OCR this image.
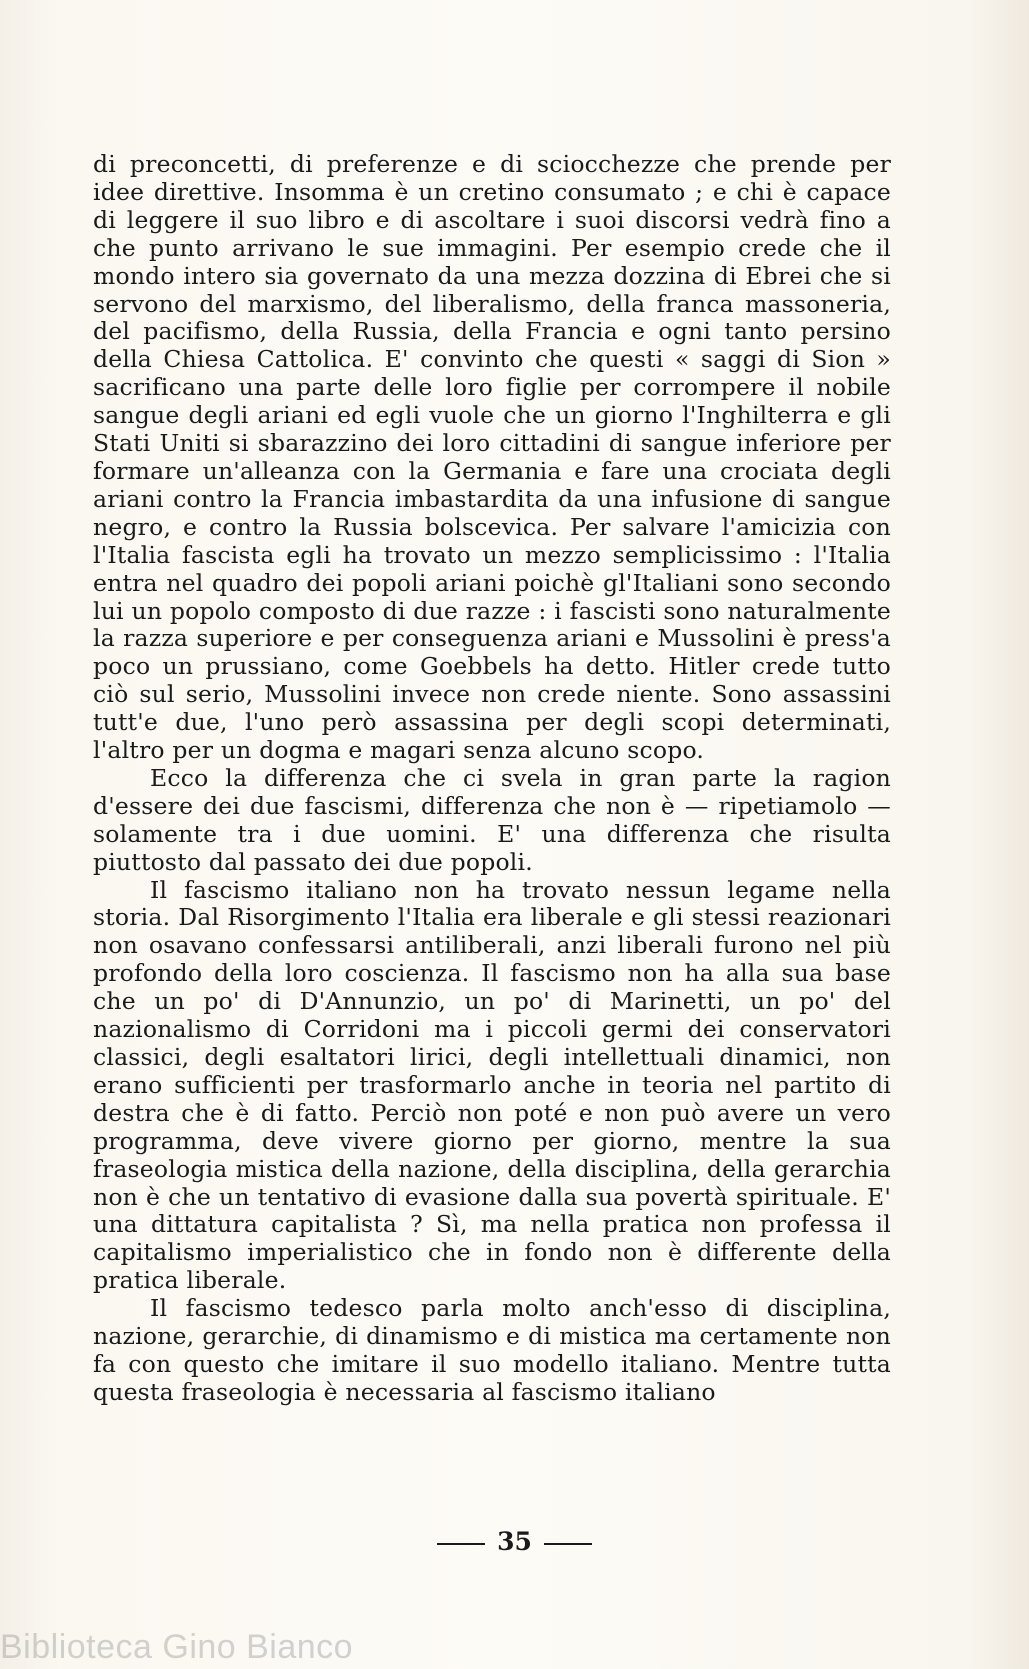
di preconcetti, di preferenze e di sciocchezze che prende per idee direttive. Insomma è un cretino consumato ; e chi è capace di leggere il suo libro e di ascoltare i suoi discorsi vedrà fino a che punto arrivano le sue immagini. Per esempio crede che il mondo intero sia governato da una mezza dozzina di Ebrei che si servono del marxismo, del liberalismo, della franca massoneria, del pacifismo, della Russia, della Francia e ogni tanto persino della Chiesa Cattolica. E' convinto che questi « saggi di Sion » sacrificano una parte delle loro figlie per corrompere il nobile sangue degli ariani ed egli vuole che un giorno l'Inghilterra e gli Stati Uniti si sbarazzino dei loro cittadini di sangue inferiore per formare un'alleanza con la Germania e fare una crociata degli ariani contro la Francia imbastardita da una infusione di sangue negro, e contro la Russia bolscevica. Per salvare l'amicizia con l'Italia fascista egli ha trovato un mezzo semplicissimo : l'Italia entra nel quadro dei popoli ariani poichè gl'Italiani sono secondo lui un popolo composto di due razze : i fascisti sono naturalmente la razza superiore e per conseguenza ariani e Mussolini è press'a poco un prussiano, come Goebbels ha detto. Hitler crede tutto ciò sul serio, Mussolini invece non crede niente. Sono assassini tutt'e due, l'uno però assassina per degli scopi determinati, l'altro per un dogma e magari senza alcuno scopo.

Ecco la differenza che ci svela in gran parte la ragion d'essere dei due fascismi, differenza che non è — ripetiamolo — solamente tra i due uomini. E' una differenza che risulta piuttosto dal passato dei due popoli.

Il fascismo italiano non ha trovato nessun legame nella storia. Dal Risorgimento l'Italia era liberale e gli stessi reazionari non osavano confessarsi antiliberali, anzi liberali furono nel più profondo della loro coscienza. Il fascismo non ha alla sua base che un po' di D'Annunzio, un po' di Marinetti, un po' del nazionalismo di Corridoni ma i piccoli germi dei conservatori classici, degli esaltatori lirici, degli intellettuali dinamici, non erano sufficienti per trasformarlo anche in teoria nel partito di destra che è di fatto. Perciò non poté e non può avere un vero programma, deve vivere giorno per giorno, mentre la sua fraseologia mistica della nazione, della disciplina, della gerarchia non è che un tentativo di evasione dalla sua povertà spirituale. E' una dittatura capitalista ? Sì, ma nella pratica non professa il capitalismo imperialistico che in fondo non è differente della pratica liberale.

Il fascismo tedesco parla molto anch'esso di disciplina, nazione, gerarchie, di dinamismo e di mistica ma certamente non fa con questo che imitare il suo modello italiano. Mentre tutta questa fraseologia è necessaria al fascismo italiano

35
Biblioteca Gino Bianco
